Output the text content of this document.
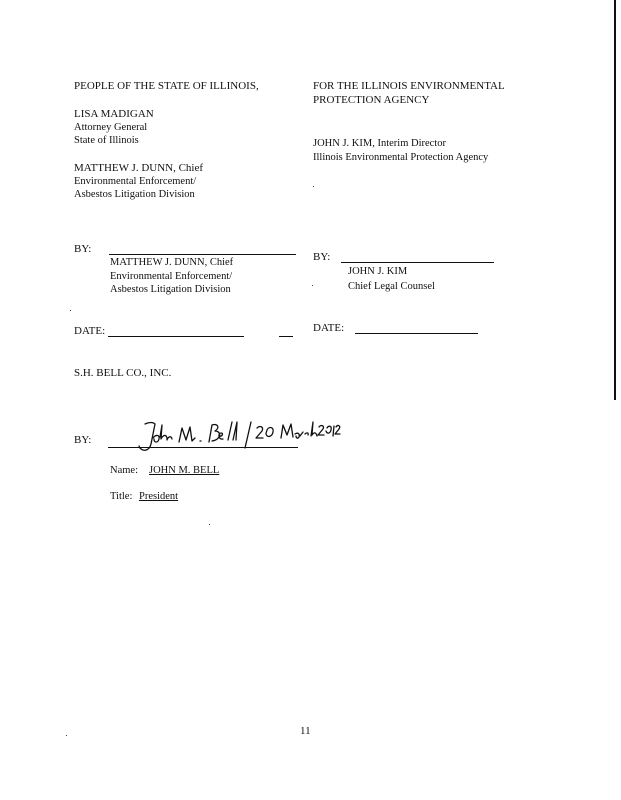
PEOPLE OF THE STATE OF ILLINOIS,
LISA MADIGAN
Attorney General
State of Illinois
MATTHEW J. DUNN, Chief
Environmental Enforcement/
Asbestos Litigation Division
FOR THE ILLINOIS ENVIRONMENTAL
PROTECTION AGENCY
JOHN J. KIM, Interim Director
Illinois Environmental Protection Agency
BY:
MATTHEW J. DUNN, Chief
Environmental Enforcement/
Asbestos Litigation Division
DATE:
BY:
JOHN J. KIM
Chief Legal Counsel
DATE:
S.H. BELL CO., INC.
BY:
Name: JOHN M. BELL
Title: President
11
